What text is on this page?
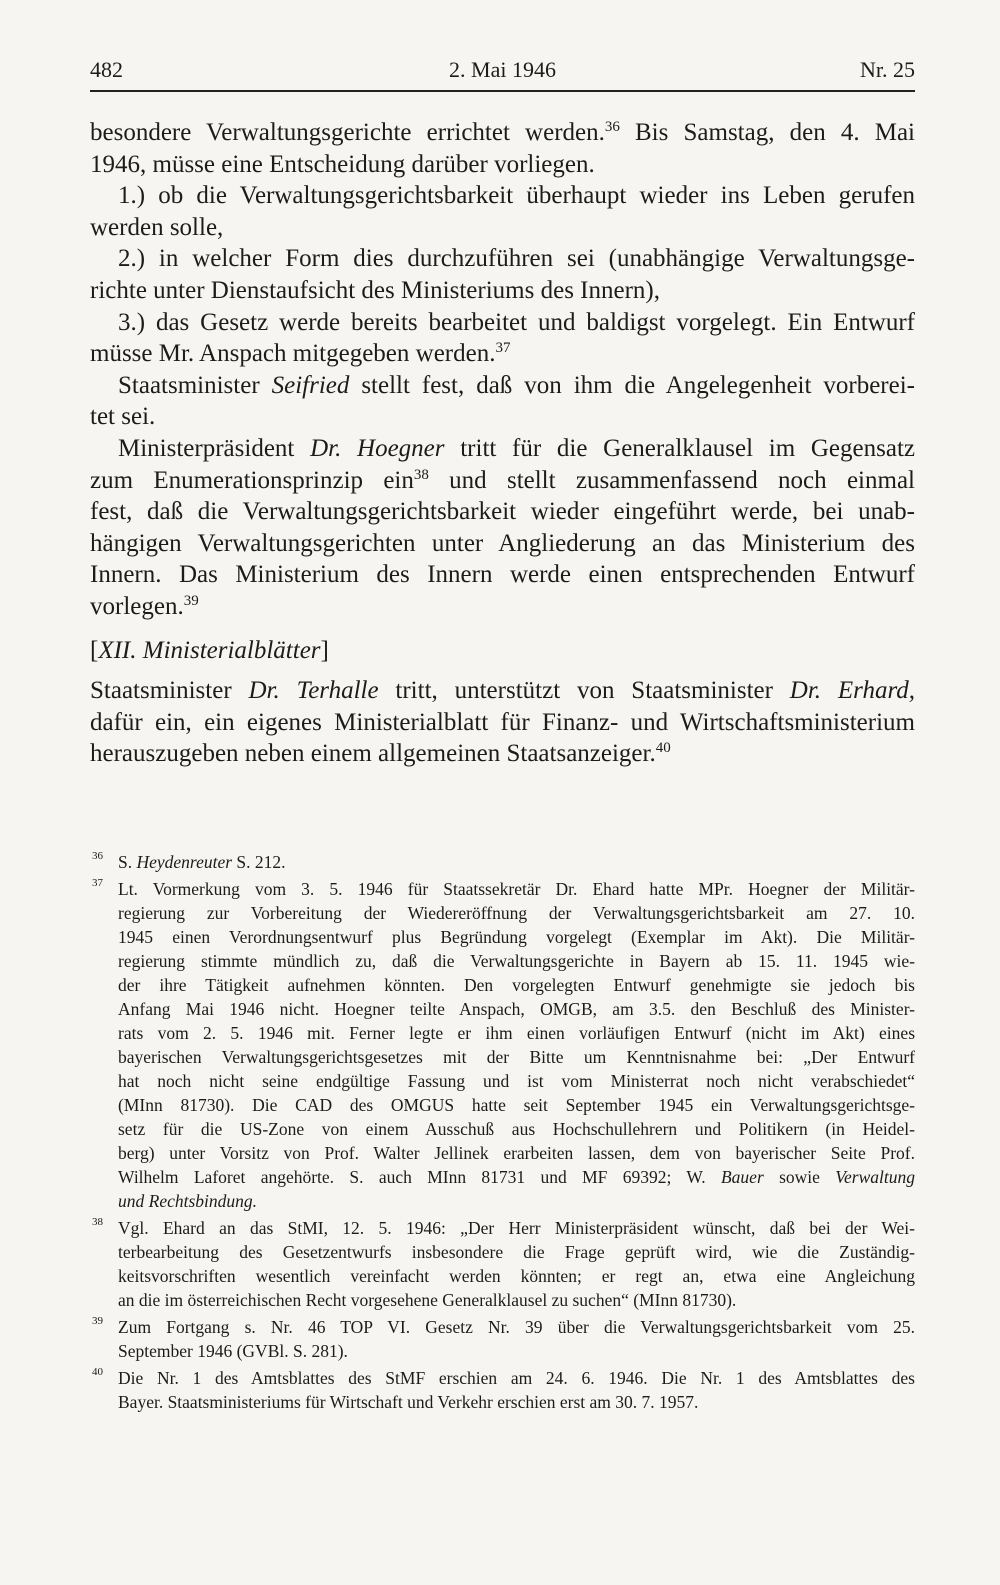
482	2. Mai 1946	Nr. 25
besondere Verwaltungsgerichte errichtet werden.$^{36}$ Bis Samstag, den 4. Mai
1946, müsse eine Entscheidung darüber vorliegen.
1.) ob die Verwaltungsgerichtsbarkeit überhaupt wieder ins Leben gerufen
werden solle,
2.) in welcher Form dies durchzuführen sei (unabhängige Verwaltungsge-
richte unter Dienstaufsicht des Ministeriums des Innern),
3.) das Gesetz werde bereits bearbeitet und baldigst vorgelegt. Ein Entwurf
müsse Mr. Anspach mitgegeben werden.$^{37}$
Staatsminister Seifried stellt fest, daß von ihm die Angelegenheit vorberei-
tet sei.
Ministerpräsident Dr. Hoegner tritt für die Generalklausel im Gegensatz
zum Enumerationsprinzip ein$^{38}$ und stellt zusammenfassend noch einmal
fest, daß die Verwaltungsgerichtsbarkeit wieder eingeführt werde, bei unab-
hängigen Verwaltungsgerichten unter Angliederung an das Ministerium des
Innern. Das Ministerium des Innern werde einen entsprechenden Entwurf
vorlegen.$^{39}$
[XII. Ministerialblätter]
Staatsminister Dr. Terhalle tritt, unterstützt von Staatsminister Dr. Erhard,
dafür ein, ein eigenes Ministerialblatt für Finanz- und Wirtschaftsministerium
herauszugeben neben einem allgemeinen Staatsanzeiger.$^{40}$
36 S. Heydenreuter S. 212.
37 Lt. Vormerkung vom 3. 5. 1946 für Staatssekretär Dr. Ehard hatte MPr. Hoegner der Militär-
regierung zur Vorbereitung der Wiedereröffnung der Verwaltungsgerichtsbarkeit am 27. 10.
1945 einen Verordnungsentwurf plus Begründung vorgelegt (Exemplar im Akt). Die Militär-
regierung stimmte mündlich zu, daß die Verwaltungsgerichte in Bayern ab 15. 11. 1945 wie-
der ihre Tätigkeit aufnehmen könnten. Den vorgelegten Entwurf genehmigte sie jedoch bis
Anfang Mai 1946 nicht. Hoegner teilte Anspach, OMGB, am 3.5. den Beschluß des Minister-
rats vom 2. 5. 1946 mit. Ferner legte er ihm einen vorläufigen Entwurf (nicht im Akt) eines
bayerischen Verwaltungsgerichtsgesetzes mit der Bitte um Kenntnisnahme bei: „Der Entwurf
hat noch nicht seine endgültige Fassung und ist vom Ministerrat noch nicht verabschiedet“
(MInn 81730). Die CAD des OMGUS hatte seit September 1945 ein Verwaltungsgerichtsge-
setz für die US-Zone von einem Ausschuß aus Hochschullehrern und Politikern (in Heidel-
berg) unter Vorsitz von Prof. Walter Jellinek erarbeiten lassen, dem von bayerischer Seite Prof.
Wilhelm Laforet angehörte. S. auch MInn 81731 und MF 69392; W. Bauer sowie Verwaltung
und Rechtsbindung.
38 Vgl. Ehard an das StMI, 12. 5. 1946: „Der Herr Ministerpräsident wünscht, daß bei der Wei-
terbearbeitung des Gesetzentwurfs insbesondere die Frage geprüft wird, wie die Zuständig-
keitsvorschriften wesentlich vereinfacht werden könnten; er regt an, etwa eine Angleichung
an die im österreichischen Recht vorgesehene Generalklausel zu suchen“ (MInn 81730).
39 Zum Fortgang s. Nr. 46 TOP VI. Gesetz Nr. 39 über die Verwaltungsgerichtsbarkeit vom 25.
September 1946 (GVBl. S. 281).
40 Die Nr. 1 des Amtsblattes des StMF erschien am 24. 6. 1946. Die Nr. 1 des Amtsblattes des
Bayer. Staatsministeriums für Wirtschaft und Verkehr erschien erst am 30. 7. 1957.
